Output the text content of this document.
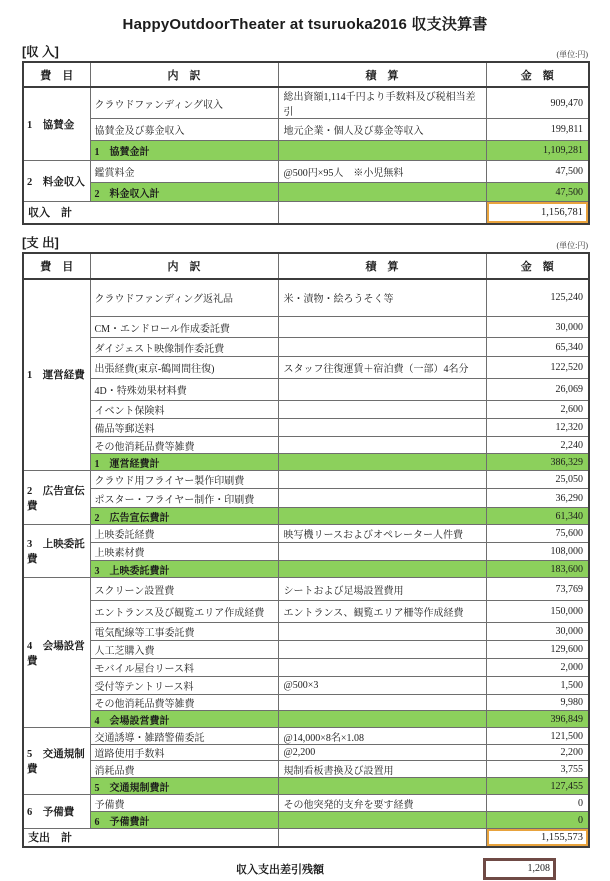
HappyOutdoorTheater at tsuruoka2016 収支決算書
[収 入]	(単位:円)
費　目	内　訳	積　算	金　額
1　協賛金	クラウドファンディング収入	総出資額1,114千円より手数料及び税相当差引	909,470
	協賛金及び募金収入	地元企業・個人及び募金等収入	199,811
	1　協賛金計		1,109,281
2　料金収入	鑑賞料金	@500円×95人　※小児無料	47,500
	2　料金収入計		47,500
収入　計			1,156,781
[支 出]	(単位:円)
費　目	内　訳	積　算	金　額
1　運営経費	クラウドファンディング返礼品	米・漬物・絵ろうそく等	125,240
	CM・エンドロール作成委託費		30,000
	ダイジェスト映像制作委託費		65,340
	出張経費(東京-鶴岡間往復)	スタッフ往復運賃＋宿泊費（一部）4名分	122,520
	4D・特殊効果材料費		26,069
	イベント保険料		2,600
	備品等郵送料		12,320
	その他消耗品費等雑費		2,240
	1　運営経費計		386,329
2　広告宣伝費	クラウド用フライヤー製作印刷費		25,050
	ポスター・フライヤー制作・印刷費		36,290
	2　広告宣伝費計		61,340
3　上映委託費	上映委託経費	映写機リースおよびオペレーター人件費	75,600
	上映素材費		108,000
	3　上映委託費計		183,600
4　会場設営費	スクリーン設置費	シートおよび足場設置費用	73,769
	エントランス及び観覧エリア作成経費	エントランス、観覧エリア柵等作成経費	150,000
	電気配線等工事委託費		30,000
	人工芝購入費		129,600
	モバイル屋台リース料		2,000
	受付等テントリース料	@500×3	1,500
	その他消耗品費等雑費		9,980
	4　会場設営費計		396,849
5　交通規制費	交通誘導・雑踏警備委託	@14,000×8名×1.08	121,500
	道路使用手数料	@2,200	2,200
	消耗品費	規制看板書換及び設置用	3,755
	5　交通規制費計		127,455
6　予備費	予備費	その他突発的支弁を要す経費	0
	6　予備費計		0
支出　計			1,155,573
収入支出差引残額	1,208
